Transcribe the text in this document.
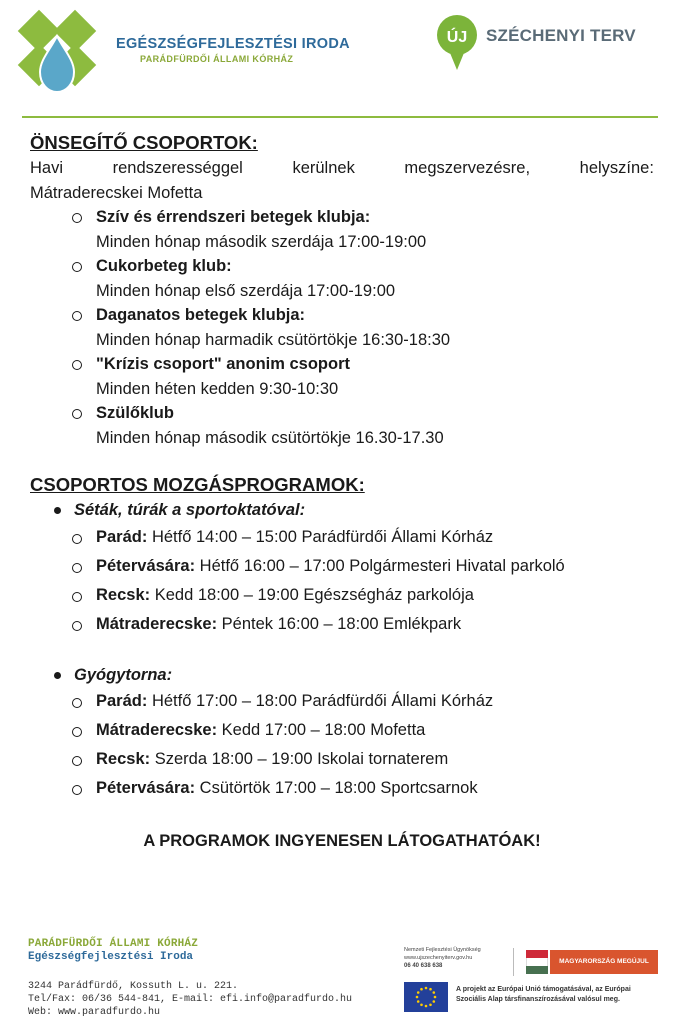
EGÉSZSÉGFEJLESZTÉSI IRODA
PARÁDFÜRDŐI ÁLLAMI KÓRHÁZ
ÚJ SZÉCHENYI TERV
ÖNSEGÍTŐ CSOPORTOK:
Havi	rendszerességgel	kerülnek	megszervezésre,	helyszíne:
Mátraderecskei Mofetta
Szív és érrendszeri betegek klubja:
Minden hónap második szerdája 17:00-19:00
Cukorbeteg klub:
Minden hónap első szerdája 17:00-19:00
Daganatos betegek klubja:
Minden hónap harmadik csütörtökje 16:30-18:30
"Krízis csoport" anonim csoport
Minden héten kedden 9:30-10:30
Szülőklub
Minden hónap második csütörtökje 16.30-17.30
CSOPORTOS MOZGÁSPROGRAMOK:
Séták, túrák a sportoktatóval:
Parád: Hétfő 14:00 – 15:00 Parádfürdői Állami Kórház
Pétervására: Hétfő 16:00 – 17:00 Polgármesteri Hivatal parkoló
Recsk: Kedd 18:00 – 19:00 Egészségház parkolója
Mátraderecske: Péntek 16:00 – 18:00 Emlékpark
Gyógytorna:
Parád: Hétfő 17:00 – 18:00 Parádfürdői Állami Kórház
Mátraderecske: Kedd 17:00 – 18:00 Mofetta
Recsk: Szerda 18:00 – 19:00 Iskolai tornaterem
Pétervására: Csütörtök 17:00 – 18:00 Sportcsarnok
A PROGRAMOK INGYENESEN LÁTOGATHATÓAK!
PARÁDFÜRDŐI ÁLLAMI KÓRHÁZ
Egészségfejlesztési Iroda
3244 Parádfürdő, Kossuth L. u. 221.
Tel/Fax: 06/36 544-841, E-mail: efi.info@paradfurdo.hu
Web: www.paradfurdo.hu
Nemzeti Fejlesztési Ügynökség
www.ujszechenyiterv.gov.hu
06 40 638 638
MAGYARORSZÁG MEGÚJUL
A projekt az Európai Unió támogatásával, az Európai
Szociális Alap társfinanszírozásával valósul meg.
